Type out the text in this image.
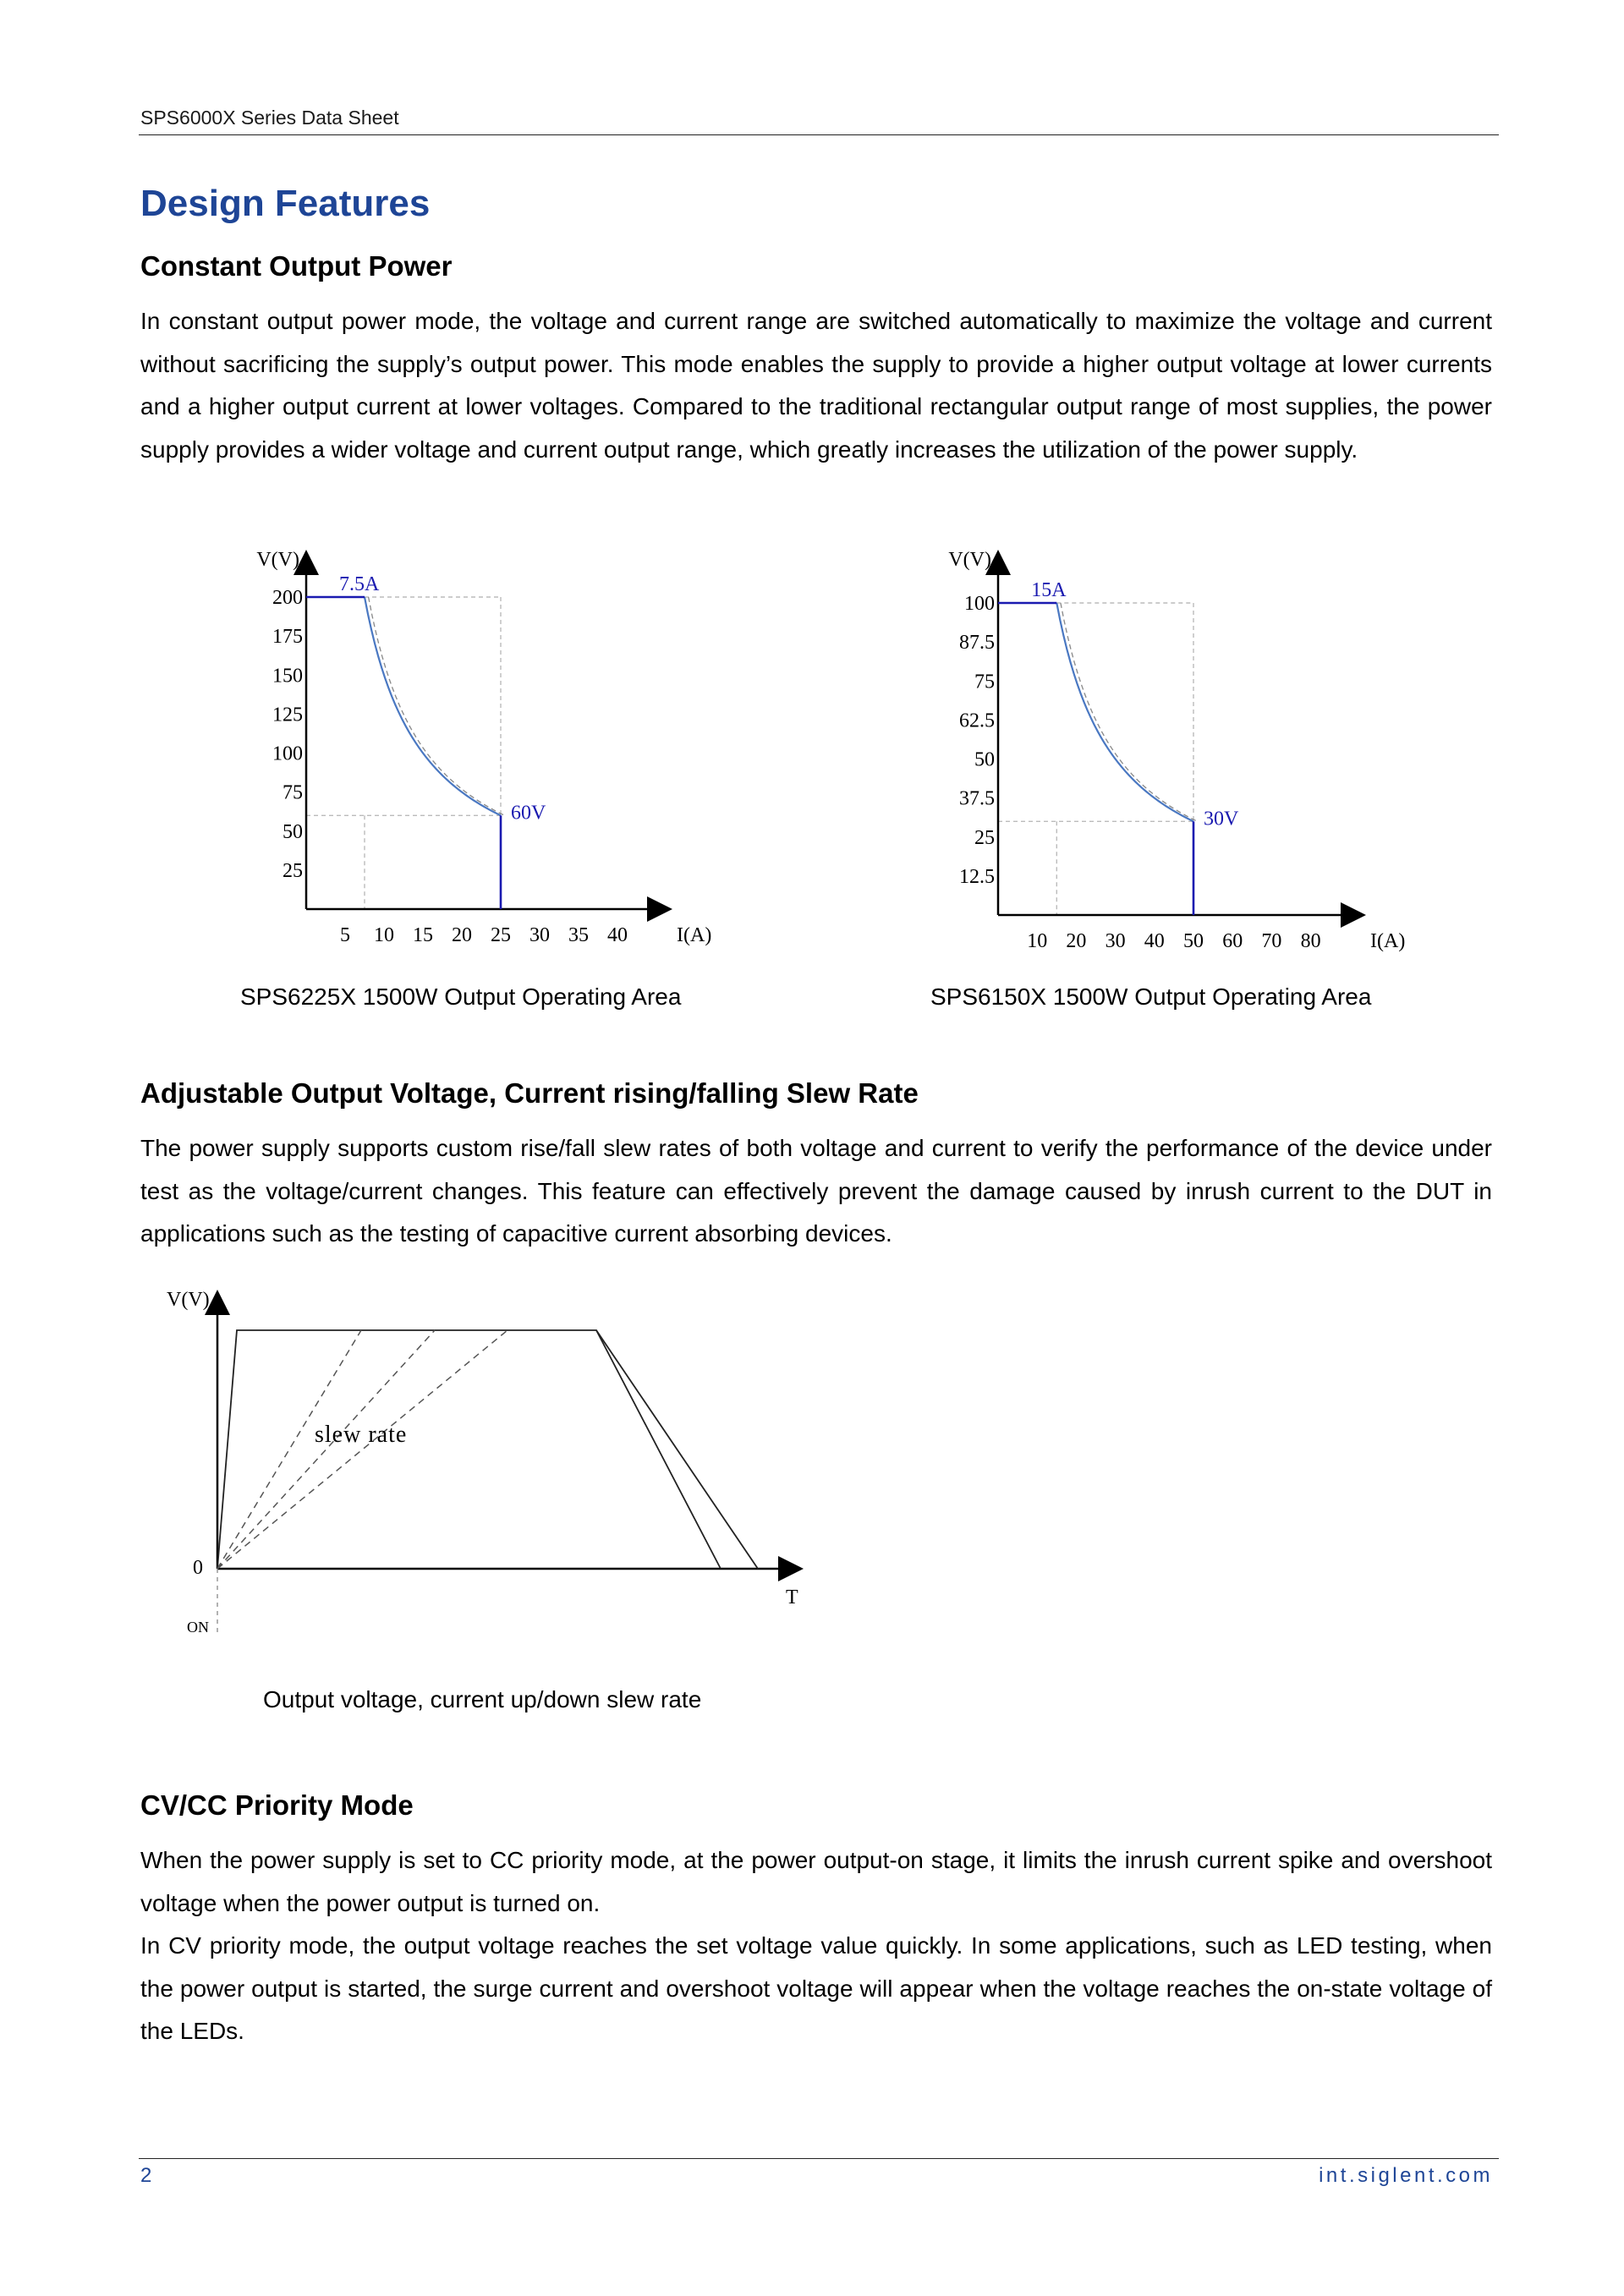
SPS6000X Series Data Sheet
Design Features
Constant Output Power
In constant output power mode, the voltage and current range are switched automatically to maximize the voltage and current without sacrificing the supply’s output power. This mode enables the supply to provide a higher output voltage at lower currents and a higher output current at lower voltages. Compared to the traditional rectangular output range of most supplies, the power supply provides a wider voltage and current output range, which greatly increases the utilization of the power supply.
200
175
150
125
100
75
50
25
5 10 15 20 25 30 35 40
V(V)
I(A)
7.5A
60V
100
87.5
75
62.5
50
37.5
25
12.5
10 20 30 40 50 60 70 80
V(V)
I(A)
15A
30V
SPS6225X 1500W Output Operating Area	SPS6150X 1500W Output Operating Area
Adjustable Output Voltage, Current rising/falling Slew Rate
The power supply supports custom rise/fall slew rates of both voltage and current to verify the performance of the device under test as the voltage/current changes. This feature can effectively prevent the damage caused by inrush current to the DUT in applications such as the testing of capacitive current absorbing devices.
V(V)
0
T
ON
slew rate
Output voltage, current up/down slew rate
CV/CC Priority Mode
When the power supply is set to CC priority mode, at the power output-on stage, it limits the inrush current spike and overshoot voltage when the power output is turned on.
In CV priority mode, the output voltage reaches the set voltage value quickly. In some applications, such as LED testing, when the power output is started, the surge current and overshoot voltage will appear when the voltage reaches the on-state voltage of the LEDs.
2	int.siglent.com
